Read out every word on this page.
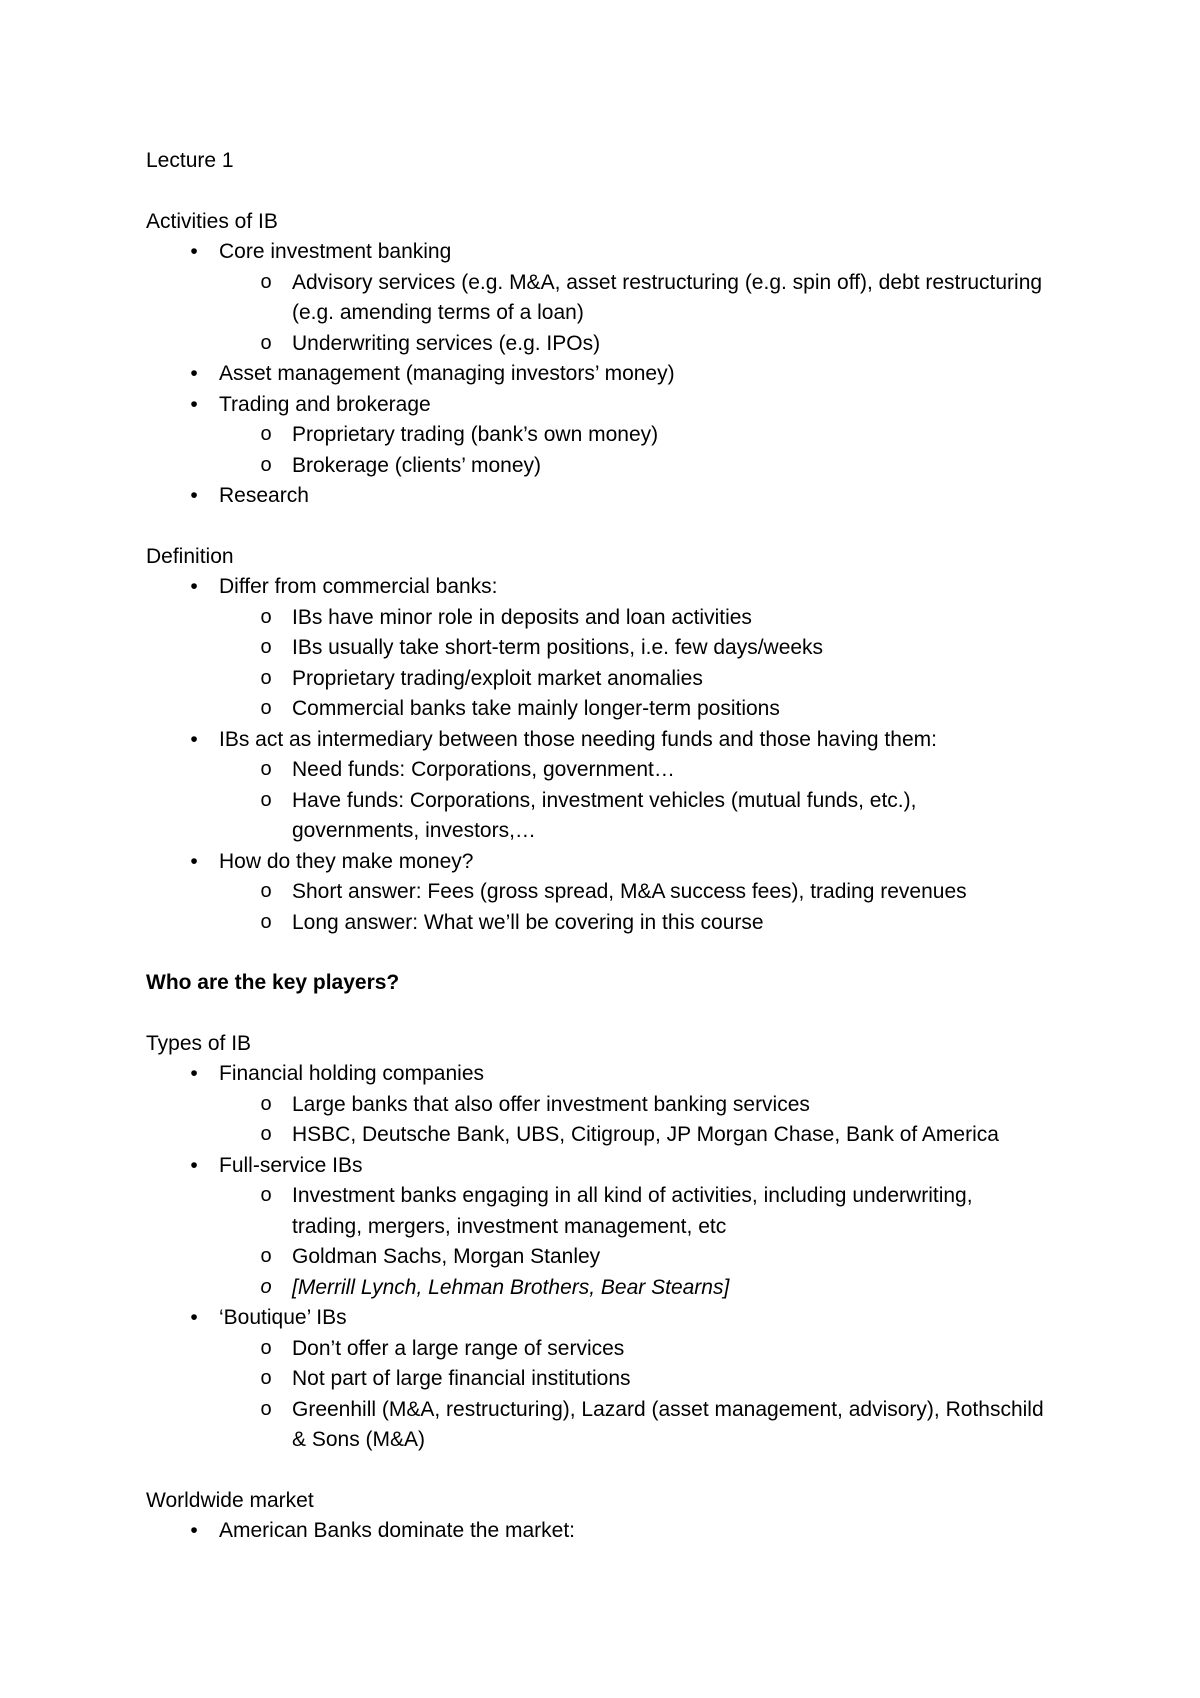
Lecture 1

Activities of IB

•	Core investment banking
o Advisory services (e.g. M&A, asset restructuring (e.g. spin off), debt restructuring (e.g. amending terms of a loan)
o Underwriting services (e.g. IPOs)
•	Asset management (managing investors’ money)
•	Trading and brokerage
o Proprietary trading (bank’s own money)
o Brokerage (clients’ money)
•	Research

Definition

•	Differ from commercial banks:
o IBs have minor role in deposits and loan activities
o IBs usually take short-term positions, i.e. few days/weeks
o Proprietary trading/exploit market anomalies
o Commercial banks take mainly longer-term positions
•	IBs act as intermediary between those needing funds and those having them:
o Need funds: Corporations, government…
o Have funds: Corporations, investment vehicles (mutual funds, etc.), governments, investors,…
•	How do they make money?
o Short answer: Fees (gross spread, M&A success fees), trading revenues
o Long answer: What we’ll be covering in this course

Who are the key players?

Types of IB

•	Financial holding companies
o Large banks that also offer investment banking services
o HSBC, Deutsche Bank, UBS, Citigroup, JP Morgan Chase, Bank of America
•	Full-service IBs
o Investment banks engaging in all kind of activities, including underwriting, trading, mergers, investment management, etc
o Goldman Sachs, Morgan Stanley
o [Merrill Lynch, Lehman Brothers, Bear Stearns]
•	‘Boutique’ IBs
o Don’t offer a large range of services
o Not part of large financial institutions
o Greenhill (M&A, restructuring), Lazard (asset management, advisory), Rothschild & Sons (M&A)

Worldwide market

•	American Banks dominate the market:
